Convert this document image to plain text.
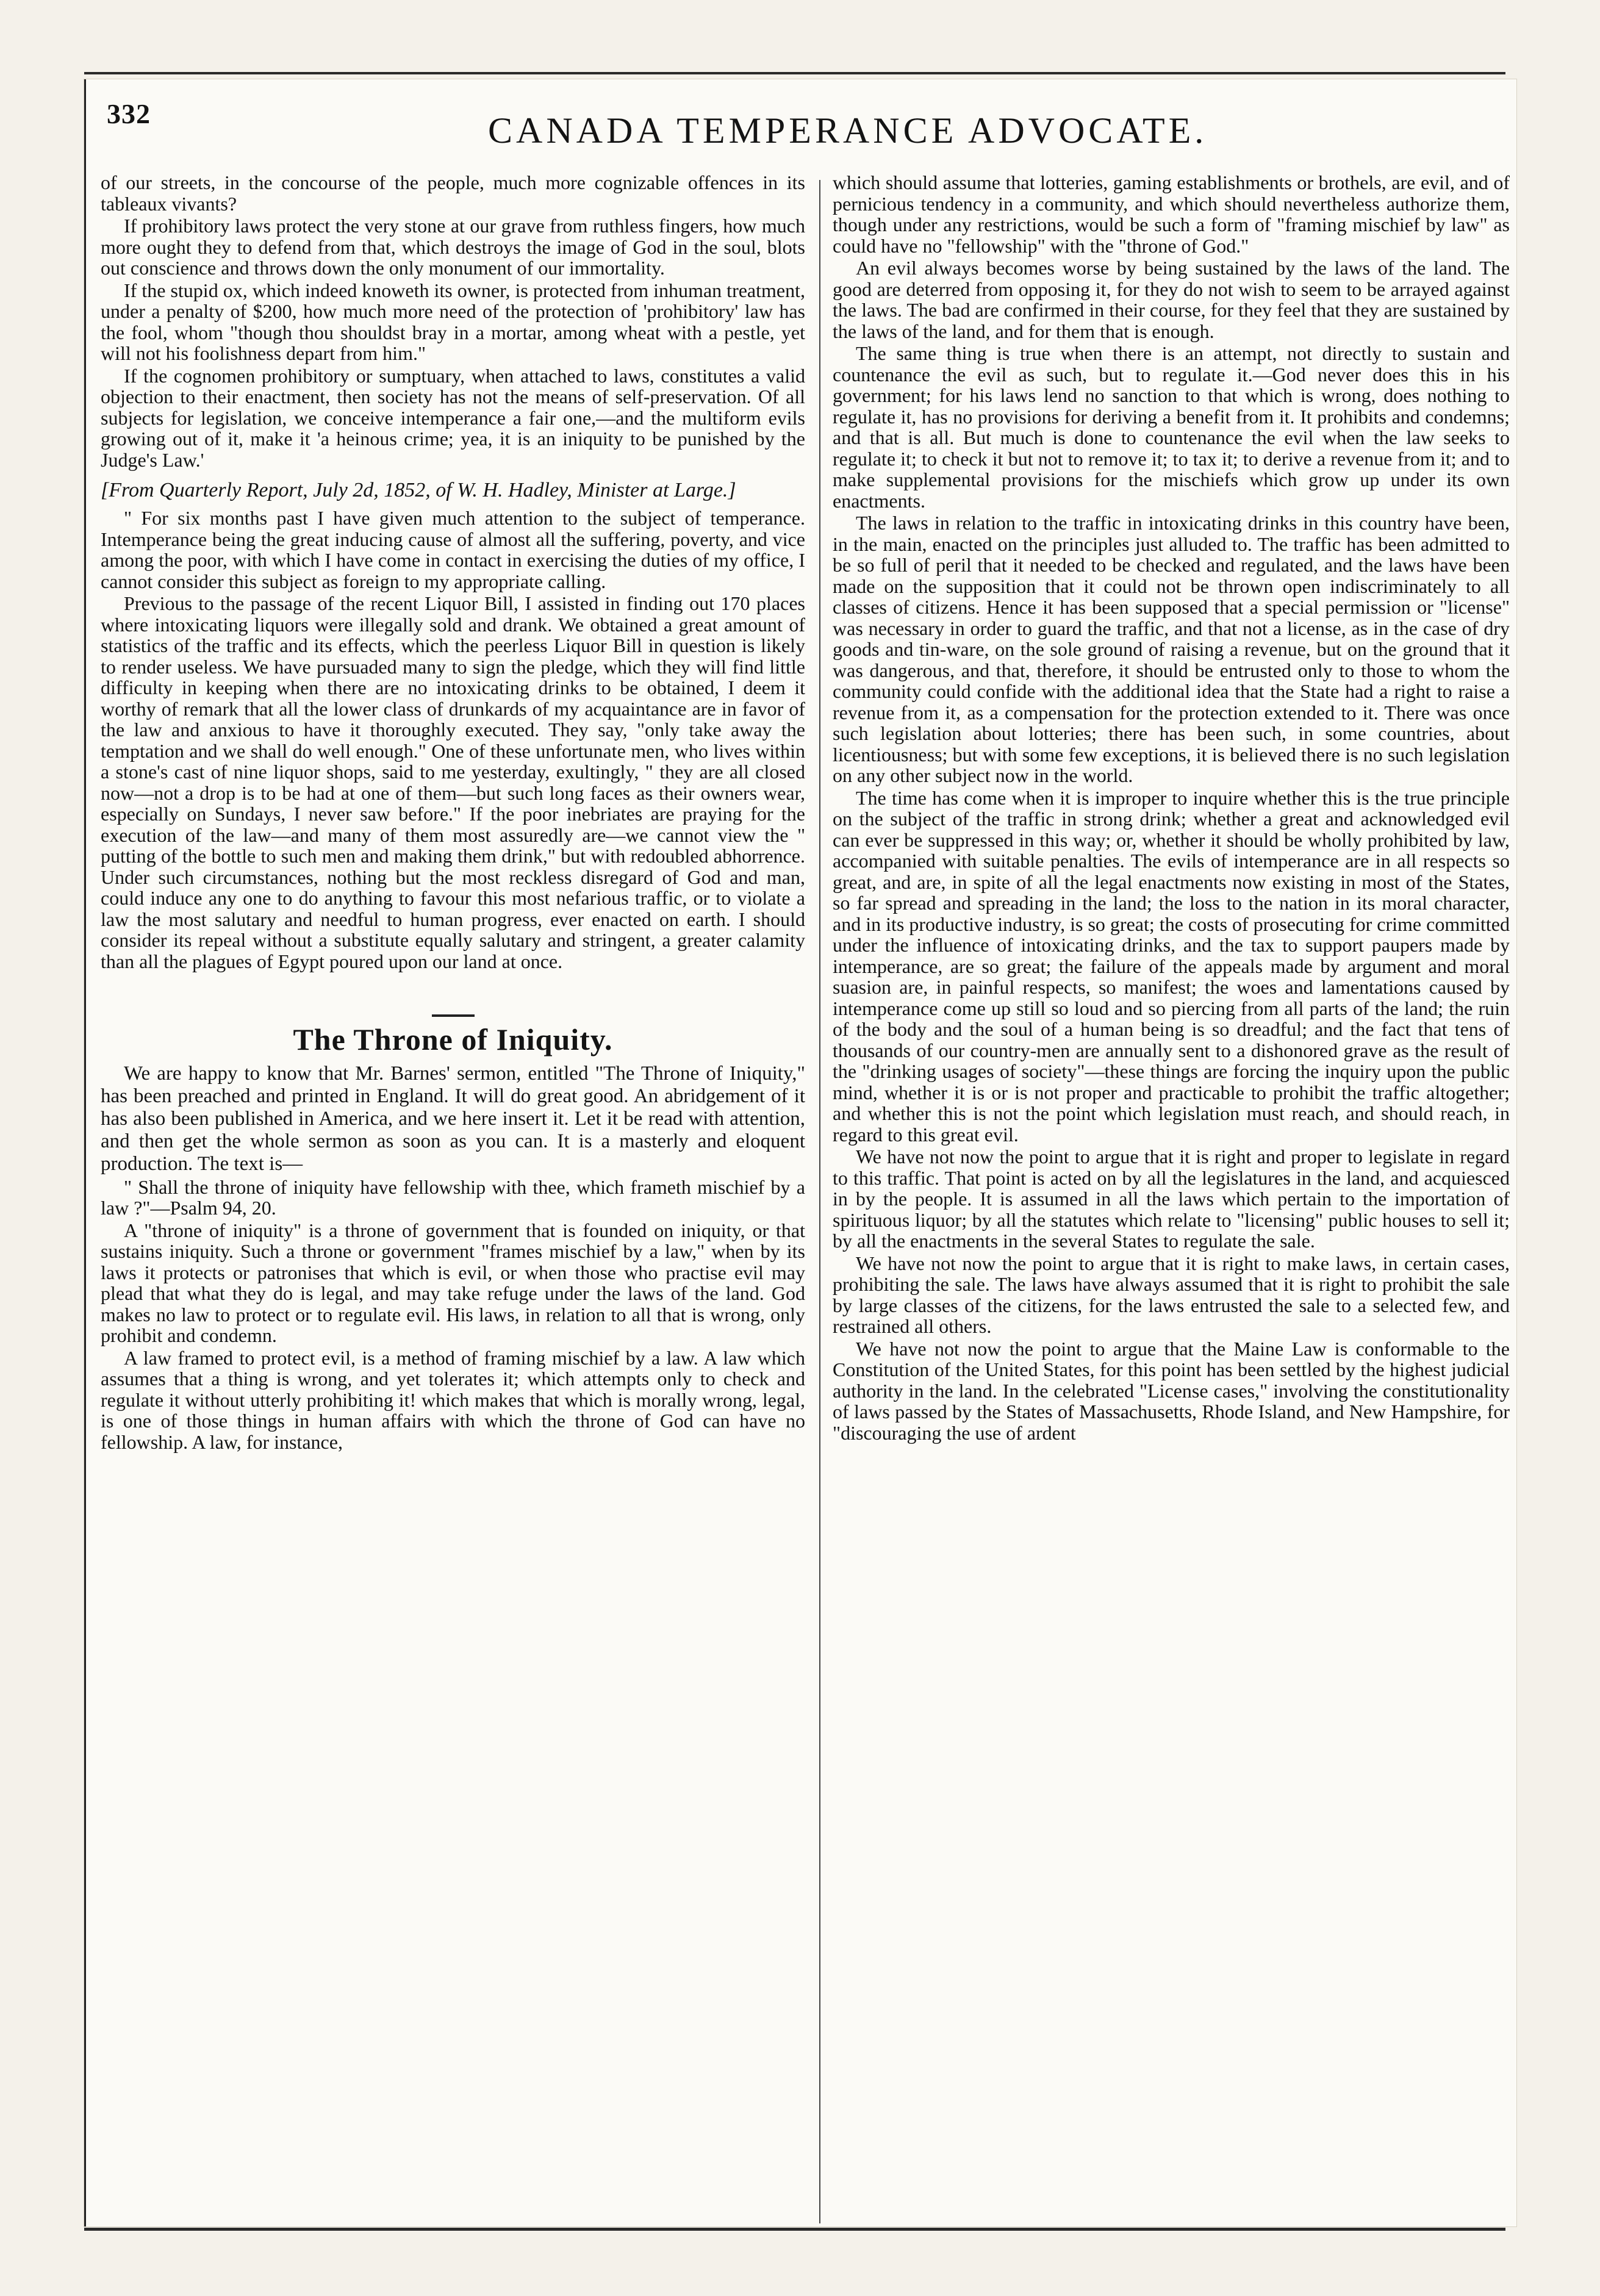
332	CANADA TEMPERANCE ADVOCATE.

of our streets, in the concourse of the people, much more cognizable offences in its tableaux vivants?

If prohibitory laws protect the very stone at our grave from ruthless fingers, how much more ought they to defend from that, which destroys the image of God in the soul, blots out conscience and throws down the only monument of our immortality.

If the stupid ox, which indeed knoweth its owner, is protected from inhuman treatment, under a penalty of $200, how much more need of the protection of 'prohibitory' law has the fool, whom "though thou shouldst bray in a mortar, among wheat with a pestle, yet will not his foolishness depart from him."

If the cognomen prohibitory or sumptuary, when attached to laws, constitutes a valid objection to their enactment, then society has not the means of self-preservation. Of all subjects for legislation, we conceive intemperance a fair one,—and the multiform evils growing out of it, make it 'a heinous crime; yea, it is an iniquity to be punished by the Judge's Law.'

[From Quarterly Report, July 2d, 1852, of W. H. Hadley, Minister at Large.]

" For six months past I have given much attention to the subject of temperance. Intemperance being the great inducing cause of almost all the suffering, poverty, and vice among the poor, with which I have come in contact in exercising the duties of my office, I cannot consider this subject as foreign to my appropriate calling.

Previous to the passage of the recent Liquor Bill, I assisted in finding out 170 places where intoxicating liquors were illegally sold and drank. We obtained a great amount of statistics of the traffic and its effects, which the peerless Liquor Bill in question is likely to render useless. We have pursuaded many to sign the pledge, which they will find little difficulty in keeping when there are no intoxicating drinks to be obtained, I deem it worthy of remark that all the lower class of drunkards of my acquaintance are in favor of the law and anxious to have it thoroughly executed. They say, "only take away the temptation and we shall do well enough." One of these unfortunate men, who lives within a stone's cast of nine liquor shops, said to me yesterday, exultingly, " they are all closed now—not a drop is to be had at one of them—but such long faces as their owners wear, especially on Sundays, I never saw before." If the poor inebriates are praying for the execution of the law—and many of them most assuredly are—we cannot view the " putting of the bottle to such men and making them drink," but with redoubled abhorrence. Under such circumstances, nothing but the most reckless disregard of God and man, could induce any one to do anything to favour this most nefarious traffic, or to violate a law the most salutary and needful to human progress, ever enacted on earth. I should consider its repeal without a substitute equally salutary and stringent, a greater calamity than all the plagues of Egypt poured upon our land at once.

The Throne of Iniquity.

We are happy to know that Mr. Barnes' sermon, entitled "The Throne of Iniquity," has been preached and printed in England. It will do great good. An abridgement of it has also been published in America, and we here insert it. Let it be read with attention, and then get the whole sermon as soon as you can. It is a masterly and eloquent production. The text is—

" Shall the throne of iniquity have fellowship with thee, which frameth mischief by a law ?"—Psalm 94, 20.

A "throne of iniquity" is a throne of government that is founded on iniquity, or that sustains iniquity. Such a throne or government "frames mischief by a law," when by its laws it protects or patronises that which is evil, or when those who practise evil may plead that what they do is legal, and may take refuge under the laws of the land. God makes no law to protect or to regulate evil. His laws, in relation to all that is wrong, only prohibit and condemn.

A law framed to protect evil, is a method of framing mischief by a law. A law which assumes that a thing is wrong, and yet tolerates it; which attempts only to check and regulate it without utterly prohibiting it! which makes that which is morally wrong, legal, is one of those things in human affairs with which the throne of God can have no fellowship. A law, for instance,

which should assume that lotteries, gaming establishments or brothels, are evil, and of pernicious tendency in a community, and which should nevertheless authorize them, though under any restrictions, would be such a form of "framing mischief by law" as could have no "fellowship" with the "throne of God."

An evil always becomes worse by being sustained by the laws of the land. The good are deterred from opposing it, for they do not wish to seem to be arrayed against the laws. The bad are confirmed in their course, for they feel that they are sustained by the laws of the land, and for them that is enough.

The same thing is true when there is an attempt, not directly to sustain and countenance the evil as such, but to regulate it.—God never does this in his government; for his laws lend no sanction to that which is wrong, does nothing to regulate it, has no provisions for deriving a benefit from it. It prohibits and condemns; and that is all. But much is done to countenance the evil when the law seeks to regulate it; to check it but not to remove it; to tax it; to derive a revenue from it; and to make supplemental provisions for the mischiefs which grow up under its own enactments.

The laws in relation to the traffic in intoxicating drinks in this country have been, in the main, enacted on the principles just alluded to. The traffic has been admitted to be so full of peril that it needed to be checked and regulated, and the laws have been made on the supposition that it could not be thrown open indiscriminately to all classes of citizens. Hence it has been supposed that a special permission or "license" was necessary in order to guard the traffic, and that not a license, as in the case of dry goods and tin-ware, on the sole ground of raising a revenue, but on the ground that it was dangerous, and that, therefore, it should be entrusted only to those to whom the community could confide with the additional idea that the State had a right to raise a revenue from it, as a compensation for the protection extended to it. There was once such legislation about lotteries; there has been such, in some countries, about licentiousness; but with some few exceptions, it is believed there is no such legislation on any other subject now in the world.

The time has come when it is improper to inquire whether this is the true principle on the subject of the traffic in strong drink; whether a great and acknowledged evil can ever be suppressed in this way; or, whether it should be wholly prohibited by law, accompanied with suitable penalties. The evils of intemperance are in all respects so great, and are, in spite of all the legal enactments now existing in most of the States, so far spread and spreading in the land; the loss to the nation in its moral character, and in its productive industry, is so great; the costs of prosecuting for crime committed under the influence of intoxicating drinks, and the tax to support paupers made by intemperance, are so great; the failure of the appeals made by argument and moral suasion are, in painful respects, so manifest; the woes and lamentations caused by intemperance come up still so loud and so piercing from all parts of the land; the ruin of the body and the soul of a human being is so dreadful; and the fact that tens of thousands of our country-men are annually sent to a dishonored grave as the result of the "drinking usages of society"—these things are forcing the inquiry upon the public mind, whether it is or is not proper and practicable to prohibit the traffic altogether; and whether this is not the point which legislation must reach, and should reach, in regard to this great evil.

We have not now the point to argue that it is right and proper to legislate in regard to this traffic. That point is acted on by all the legislatures in the land, and acquiesced in by the people. It is assumed in all the laws which pertain to the importation of spirituous liquor; by all the statutes which relate to "licensing" public houses to sell it; by all the enactments in the several States to regulate the sale.

We have not now the point to argue that it is right to make laws, in certain cases, prohibiting the sale. The laws have always assumed that it is right to prohibit the sale by large classes of the citizens, for the laws entrusted the sale to a selected few, and restrained all others.

We have not now the point to argue that the Maine Law is conformable to the Constitution of the United States, for this point has been settled by the highest judicial authority in the land. In the celebrated "License cases," involving the constitutionality of laws passed by the States of Massachusetts, Rhode Island, and New Hampshire, for "discouraging the use of ardent
